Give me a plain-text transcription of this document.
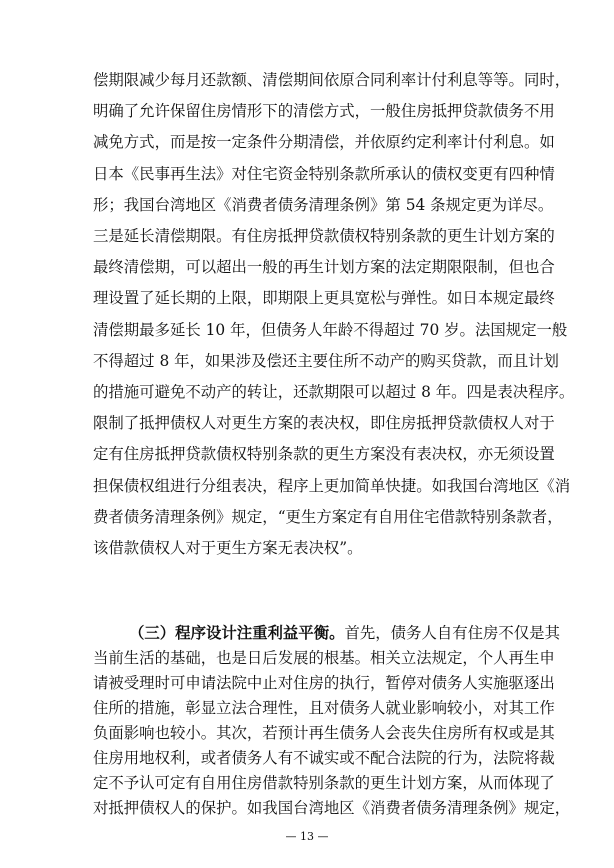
偿期限减少每月还款额、清偿期间依原合同利率计付利息等等。同时，
明确了允许保留住房情形下的清偿方式，一般住房抵押贷款债务不用
减免方式，而是按一定条件分期清偿，并依原约定利率计付利息。如
日本《民事再生法》对住宅资金特别条款所承认的债权变更有四种情
形；我国台湾地区《消费者债务清理条例》第 54 条规定更为详尽。
三是延长清偿期限。有住房抵押贷款债权特别条款的更生计划方案的
最终清偿期，可以超出一般的再生计划方案的法定期限限制，但也合
理设置了延长期的上限，即期限上更具宽松与弹性。如日本规定最终
清偿期最多延长 10 年，但债务人年龄不得超过 70 岁。法国规定一般
不得超过 8 年，如果涉及偿还主要住所不动产的购买贷款，而且计划
的措施可避免不动产的转让，还款期限可以超过 8 年。四是表决程序。
限制了抵押债权人对更生方案的表决权，即住房抵押贷款债权人对于
定有住房抵押贷款债权特别条款的更生方案没有表决权，亦无须设置
担保债权组进行分组表决，程序上更加简单快捷。如我国台湾地区《消
费者债务清理条例》规定，“更生方案定有自用住宅借款特别条款者，
该借款债权人对于更生方案无表决权”。
（三）程序设计注重利益平衡。首先，债务人自有住房不仅是其
当前生活的基础，也是日后发展的根基。相关立法规定，个人再生申
请被受理时可申请法院中止对住房的执行，暂停对债务人实施驱逐出
住所的措施，彰显立法合理性，且对债务人就业影响较小，对其工作
负面影响也较小。其次，若预计再生债务人会丧失住房所有权或是其
住房用地权利，或者债务人有不诚实或不配合法院的行为，法院将裁
定不予认可定有自用住房借款特别条款的更生计划方案，从而体现了
对抵押债权人的保护。如我国台湾地区《消费者债务清理条例》规定，
— 13 —
